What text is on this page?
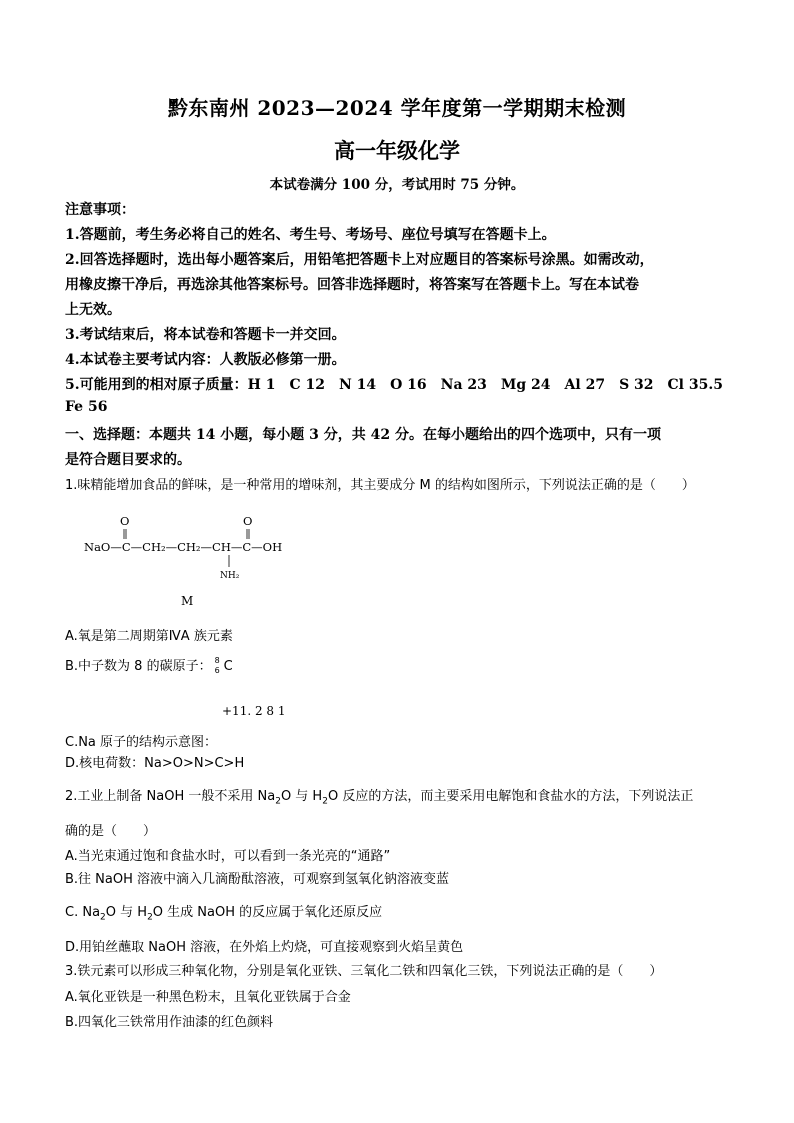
黔东南州 2023—2024 学年度第一学期期末检测
高一年级化学
本试卷满分 100 分，考试用时 75 分钟。
注意事项：
1.答题前，考生务必将自己的姓名、考生号、考场号、座位号填写在答题卡上。
2.回答选择题时，选出每小题答案后，用铅笔把答题卡上对应题目的答案标号涂黑。如需改动，
用橡皮擦干净后，再选涂其他答案标号。回答非选择题时，将答案写在答题卡上。写在本试卷
上无效。
3.考试结束后，将本试卷和答题卡一并交回。
4.本试卷主要考试内容：人教版必修第一册。
5.可能用到的相对原子质量：H 1　C 12　N 14　O 16　Na 23　Mg 24　Al 27　S 32　Cl 35.5
Fe 56
一、选择题：本题共 14 小题，每小题 3 分，共 42 分。在每小题给出的四个选项中，只有一项
是符合题目要求的。
1.味精能增加食品的鲜味，是一种常用的增味剂，其主要成分 M 的结构如图所示，下列说法正确的是（　　）
O	O
NaO—C—CH₂—CH₂—CH—C—OH
NH₂
M
A.氧是第二周期第ⅣA 族元素
B.中子数为 8 的碳原子： 8
6 C
+11. 2 8 1
C.Na 原子的结构示意图：
D.核电荷数：Na>O>N>C>H
2.工业上制备 NaOH 一般不采用 $Na_2O$ 与 $H_2O$ 反应的方法，而主要采用电解饱和食盐水的方法，下列说法正
确的是（　　）
A.当光束通过饱和食盐水时，可以看到一条光亮的“通路”
B.往 NaOH 溶液中滴入几滴酚酞溶液，可观察到氢氧化钠溶液变蓝
C. $Na_2O$ 与 $H_2O$ 生成 NaOH 的反应属于氧化还原反应
D.用铂丝蘸取 NaOH 溶液，在外焰上灼烧，可直接观察到火焰呈黄色
3.铁元素可以形成三种氧化物，分别是氧化亚铁、三氧化二铁和四氧化三铁，下列说法正确的是（　　）
A.氧化亚铁是一种黑色粉末，且氧化亚铁属于合金
B.四氧化三铁常用作油漆的红色颜料
